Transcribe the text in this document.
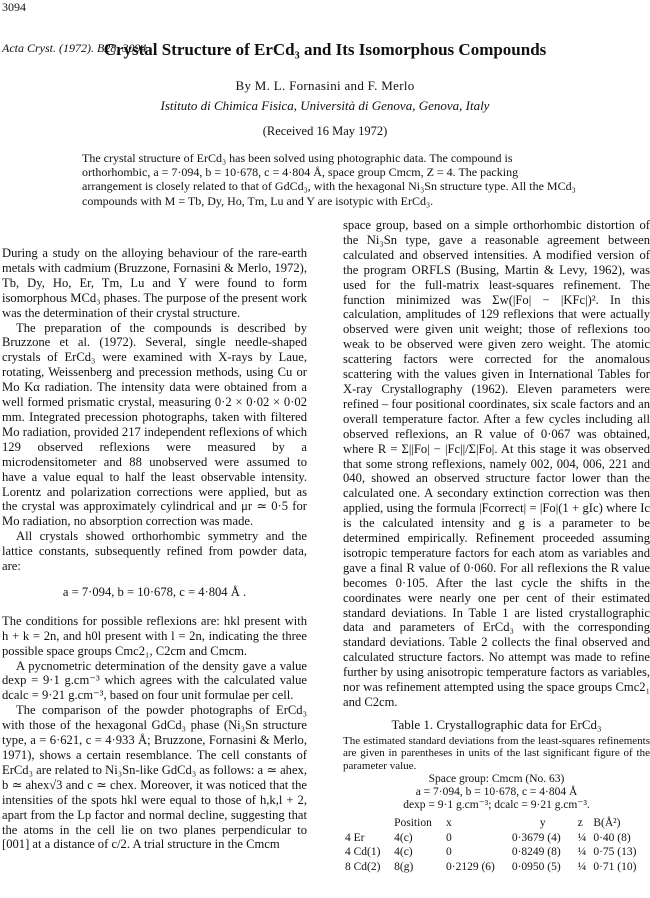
3094
Acta Cryst. (1972). B28, 3094
Crystal Structure of ErCd₃ and Its Isomorphous Compounds
By M. L. Fornasini and F. Merlo
Istituto di Chimica Fisica, Università di Genova, Genova, Italy
(Received 16 May 1972)

The crystal structure of ErCd₃ has been solved using photographic data. The compound is orthorhombic, a = 7·094, b = 10·678, c = 4·804 Å, space group Cmcm, Z = 4. The packing arrangement is closely related to that of GdCd₃, with the hexagonal Ni₃Sn structure type. All the MCd₃ compounds with M = Tb, Dy, Ho, Tm, Lu and Y are isotypic with ErCd₃.

During a study on the alloying behaviour of the rare-earth metals with cadmium (Bruzzone, Fornasini & Merlo, 1972), Tb, Dy, Ho, Er, Tm, Lu and Y were found to form isomorphous MCd₃ phases. The purpose of the present work was the determination of their crystal structure.

The preparation of the compounds is described by Bruzzone et al. (1972). Several, single needle-shaped crystals of ErCd₃ were examined with X-rays by Laue, rotating, Weissenberg and precession methods, using Cu or Mo Kα radiation. The intensity data were obtained from a well formed prismatic crystal, measuring 0·2 × 0·02 × 0·02 mm. Integrated precession photographs, taken with filtered Mo radiation, provided 217 independent reflexions of which 129 observed reflexions were measured by a microdensitometer and 88 unobserved were assumed to have a value equal to half the least observable intensity. Lorentz and polarization corrections were applied, but as the crystal was approximately cylindrical and μr ≃ 0·5 for Mo radiation, no absorption correction was made.

All crystals showed orthorhombic symmetry and the lattice constants, subsequently refined from powder data, are:

a = 7·094, b = 10·678, c = 4·804 Å .

The conditions for possible reflexions are: hkl present with h + k = 2n, and h0l present with l = 2n, indicating the three possible space groups Cmc2₁, C2cm and Cmcm.

A pycnometric determination of the density gave a value dexp = 9·1 g.cm⁻³ which agrees with the calculated value dcalc = 9·21 g.cm⁻³, based on four unit formulae per cell.

The comparison of the powder photographs of ErCd₃ with those of the hexagonal GdCd₃ phase (Ni₃Sn structure type, a = 6·621, c = 4·933 Å; Bruzzone, Fornasini & Merlo, 1971), shows a certain resemblance. The cell constants of ErCd₃ are related to Ni₃Sn-like GdCd₃ as follows: a ≃ ahex, b ≃ ahex√3 and c ≃ chex. Moreover, it was noticed that the intensities of the spots hkl were equal to those of h,k,l + 2, apart from the Lp factor and normal decline, suggesting that the atoms in the cell lie on two planes perpendicular to [001] at a distance of c/2. A trial structure in the Cmcm

space group, based on a simple orthorhombic distortion of the Ni₃Sn type, gave a reasonable agreement between calculated and observed intensities. A modified version of the program ORFLS (Busing, Martin & Levy, 1962), was used for the full-matrix least-squares refinement. The function minimized was Σw(|Fo| − |KFc|)². In this calculation, amplitudes of 129 reflexions that were actually observed were given unit weight; those of reflexions too weak to be observed were given zero weight. The atomic scattering factors were corrected for the anomalous scattering with the values given in International Tables for X-ray Crystallography (1962). Eleven parameters were refined – four positional coordinates, six scale factors and an overall temperature factor. After a few cycles including all observed reflexions, an R value of 0·067 was obtained, where R = Σ||Fo| − |Fc||/Σ|Fo|. At this stage it was observed that some strong reflexions, namely 002, 004, 006, 221 and 040, showed an observed structure factor lower than the calculated one. A secondary extinction correction was then applied, using the formula |Fcorrect| = |Fo|(1 + gIc) where Ic is the calculated intensity and g is a parameter to be determined empirically. Refinement proceeded assuming isotropic temperature factors for each atom as variables and gave a final R value of 0·060. For all reflexions the R value becomes 0·105. After the last cycle the shifts in the coordinates were nearly one per cent of their estimated standard deviations. In Table 1 are listed crystallographic data and parameters of ErCd₃ with the corresponding standard deviations. Table 2 collects the final observed and calculated structure factors. No attempt was made to refine further by using anisotropic temperature factors as variables, nor was refinement attempted using the space groups Cmc2₁ and C2cm.

Table 1. Crystallographic data for ErCd₃

The estimated standard deviations from the least-squares refinements are given in parentheses in units of the last significant figure of the parameter value.

Space group: Cmcm (No. 63)

a = 7·094, b = 10·678, c = 4·804 Å

dexp = 9·1 g.cm⁻³; dcalc = 9·21 g.cm⁻³.

	Position	x	y	z	B(Å²)
4 Er	4(c)	0	0·3679 (4)	¼	0·40 (8)
4 Cd(1)	4(c)	0	0·8249 (8)	¼	0·75 (13)
8 Cd(2)	8(g)	0·2129 (6)	0·0950 (5)	¼	0·71 (10)
